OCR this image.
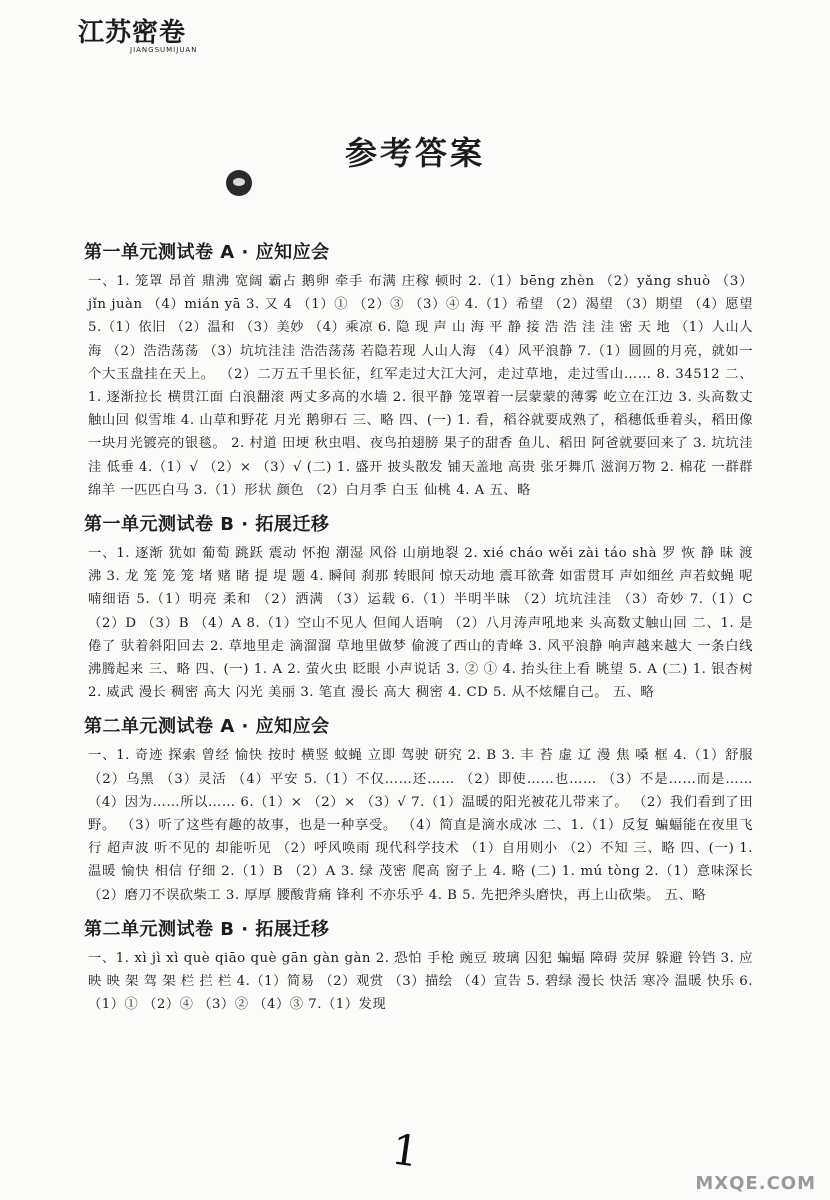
江苏密卷
JIANGSUMIJUAN
参考答案
第一单元测试卷 A · 应知应会

一、1. 笼罩 昂首 鼎沸 宽阔 霸占 鹅卵 牵手 布满 庄稼 顿时 2.（1）bēng zhèn （2）yǎng shuò （3）jǐn juàn （4）mián yā 3. 又 4 （1）① （2）③ （3）④ 4.（1）希望 （2）渴望 （3）期望 （4）愿望 5.（1）依旧 （2）温和 （3）美妙 （4）乘凉 6. 隐 现 声 山 海 平 静 接 浩 浩 洼 洼 密 天 地 （1）人山人海 （2）浩浩荡荡 （3）坑坑洼洼 浩浩荡荡 若隐若现 人山人海 （4）风平浪静 7.（1）圆圆的月亮，就如一个大玉盘挂在天上。 （2）二万五千里长征，红军走过大江大河，走过草地，走过雪山…… 8. 34512 二、1. 逐渐拉长 横贯江面 白浪翻滚 两丈多高的水墙 2. 很平静 笼罩着一层蒙蒙的薄雾 屹立在江边 3. 头高数丈触山回 似雪堆 4. 山草和野花 月光 鹅卵石 三、略 四、(一) 1. 看，稻谷就要成熟了，稻穗低垂着头，稻田像一块月光镀亮的银毯。 2. 村道 田埂 秋虫唱、夜鸟拍翅膀 果子的甜香 鱼儿、稻田 阿爸就要回来了 3. 坑坑洼洼 低垂 4.（1）√ （2）× （3）√ (二) 1. 盛开 披头散发 铺天盖地 高贵 张牙舞爪 滋润万物 2. 棉花 一群群绵羊 一匹匹白马 3.（1）形状 颜色 （2）白月季 白玉 仙桃 4. A 五、略

第一单元测试卷 B · 拓展迁移

一、1. 逐渐 犹如 葡萄 跳跃 震动 怀抱 潮湿 风俗 山崩地裂 2. xié cháo wěi zài táo shà 罗 恢 静 昧 渡 沸 3. 龙 笼 笼 笼 堵 赌 睹 提 堤 题 4. 瞬间 刹那 转眼间 惊天动地 震耳欲聋 如雷贯耳 声如细丝 声若蚊蝇 呢喃细语 5.（1）明亮 柔和 （2）洒满 （3）运载 6.（1）半明半昧 （2）坑坑洼洼 （3）奇妙 7.（1）C （2）D （3）B （4）A 8.（1）空山不见人 但闻人语响 （2）八月涛声吼地来 头高数丈触山回 二、1. 是倦了 驮着斜阳回去 2. 草地里走 滴溜溜 草地里做梦 偷渡了西山的青峰 3. 风平浪静 响声越来越大 一条白线 沸腾起来 三、略 四、(一) 1. A 2. 萤火虫 眨眼 小声说话 3. ② ① 4. 抬头往上看 眺望 5. A (二) 1. 银杏树 2. 威武 漫长 稠密 高大 闪光 美丽 3. 笔直 漫长 高大 稠密 4. CD 5. 从不炫耀自己。 五、略

第二单元测试卷 A · 应知应会

一、1. 奇迹 探索 曾经 愉快 按时 横竖 蚊蝇 立即 驾驶 研究 2. B 3. 丰 苔 虚 辽 漫 焦 嗓 框 4.（1）舒服 （2）乌黑 （3）灵活 （4）平安 5.（1）不仅……还…… （2）即使……也…… （3）不是……而是…… （4）因为……所以…… 6.（1）× （2）× （3）√ 7.（1）温暖的阳光被花儿带来了。 （2）我们看到了田野。 （3）听了这些有趣的故事，也是一种享受。 （4）简直是滴水成冰 二、1.（1）反复 蝙蝠能在夜里飞行 超声波 听不见的 却能听见 （2）呼风唤雨 现代科学技术 （1）自用则小 （2）不知 三、略 四、(一) 1. 温暖 愉快 相信 仔细 2.（1）B （2）A 3. 绿 茂密 爬高 窗子上 4. 略 (二) 1. mú tòng 2.（1）意味深长 （2）磨刀不误砍柴工 3. 厚厚 腰酸背痛 锋利 不亦乐乎 4. B 5. 先把斧头磨快，再上山砍柴。 五、略

第二单元测试卷 B · 拓展迁移

一、1. xì jì xì què qiāo què gān gàn gàn 2. 恐怕 手枪 豌豆 玻璃 囚犯 蝙蝠 障碍 荧屏 躲避 铃铛 3. 应 映 映 架 驾 架 栏 拦 栏 4.（1）简易 （2）观赏 （3）描绘 （4）宣告 5. 碧绿 漫长 快活 寒冷 温暖 快乐 6.（1）① （2）④ （3）② （4）③ 7.（1）发现

1
MXQE.COM
